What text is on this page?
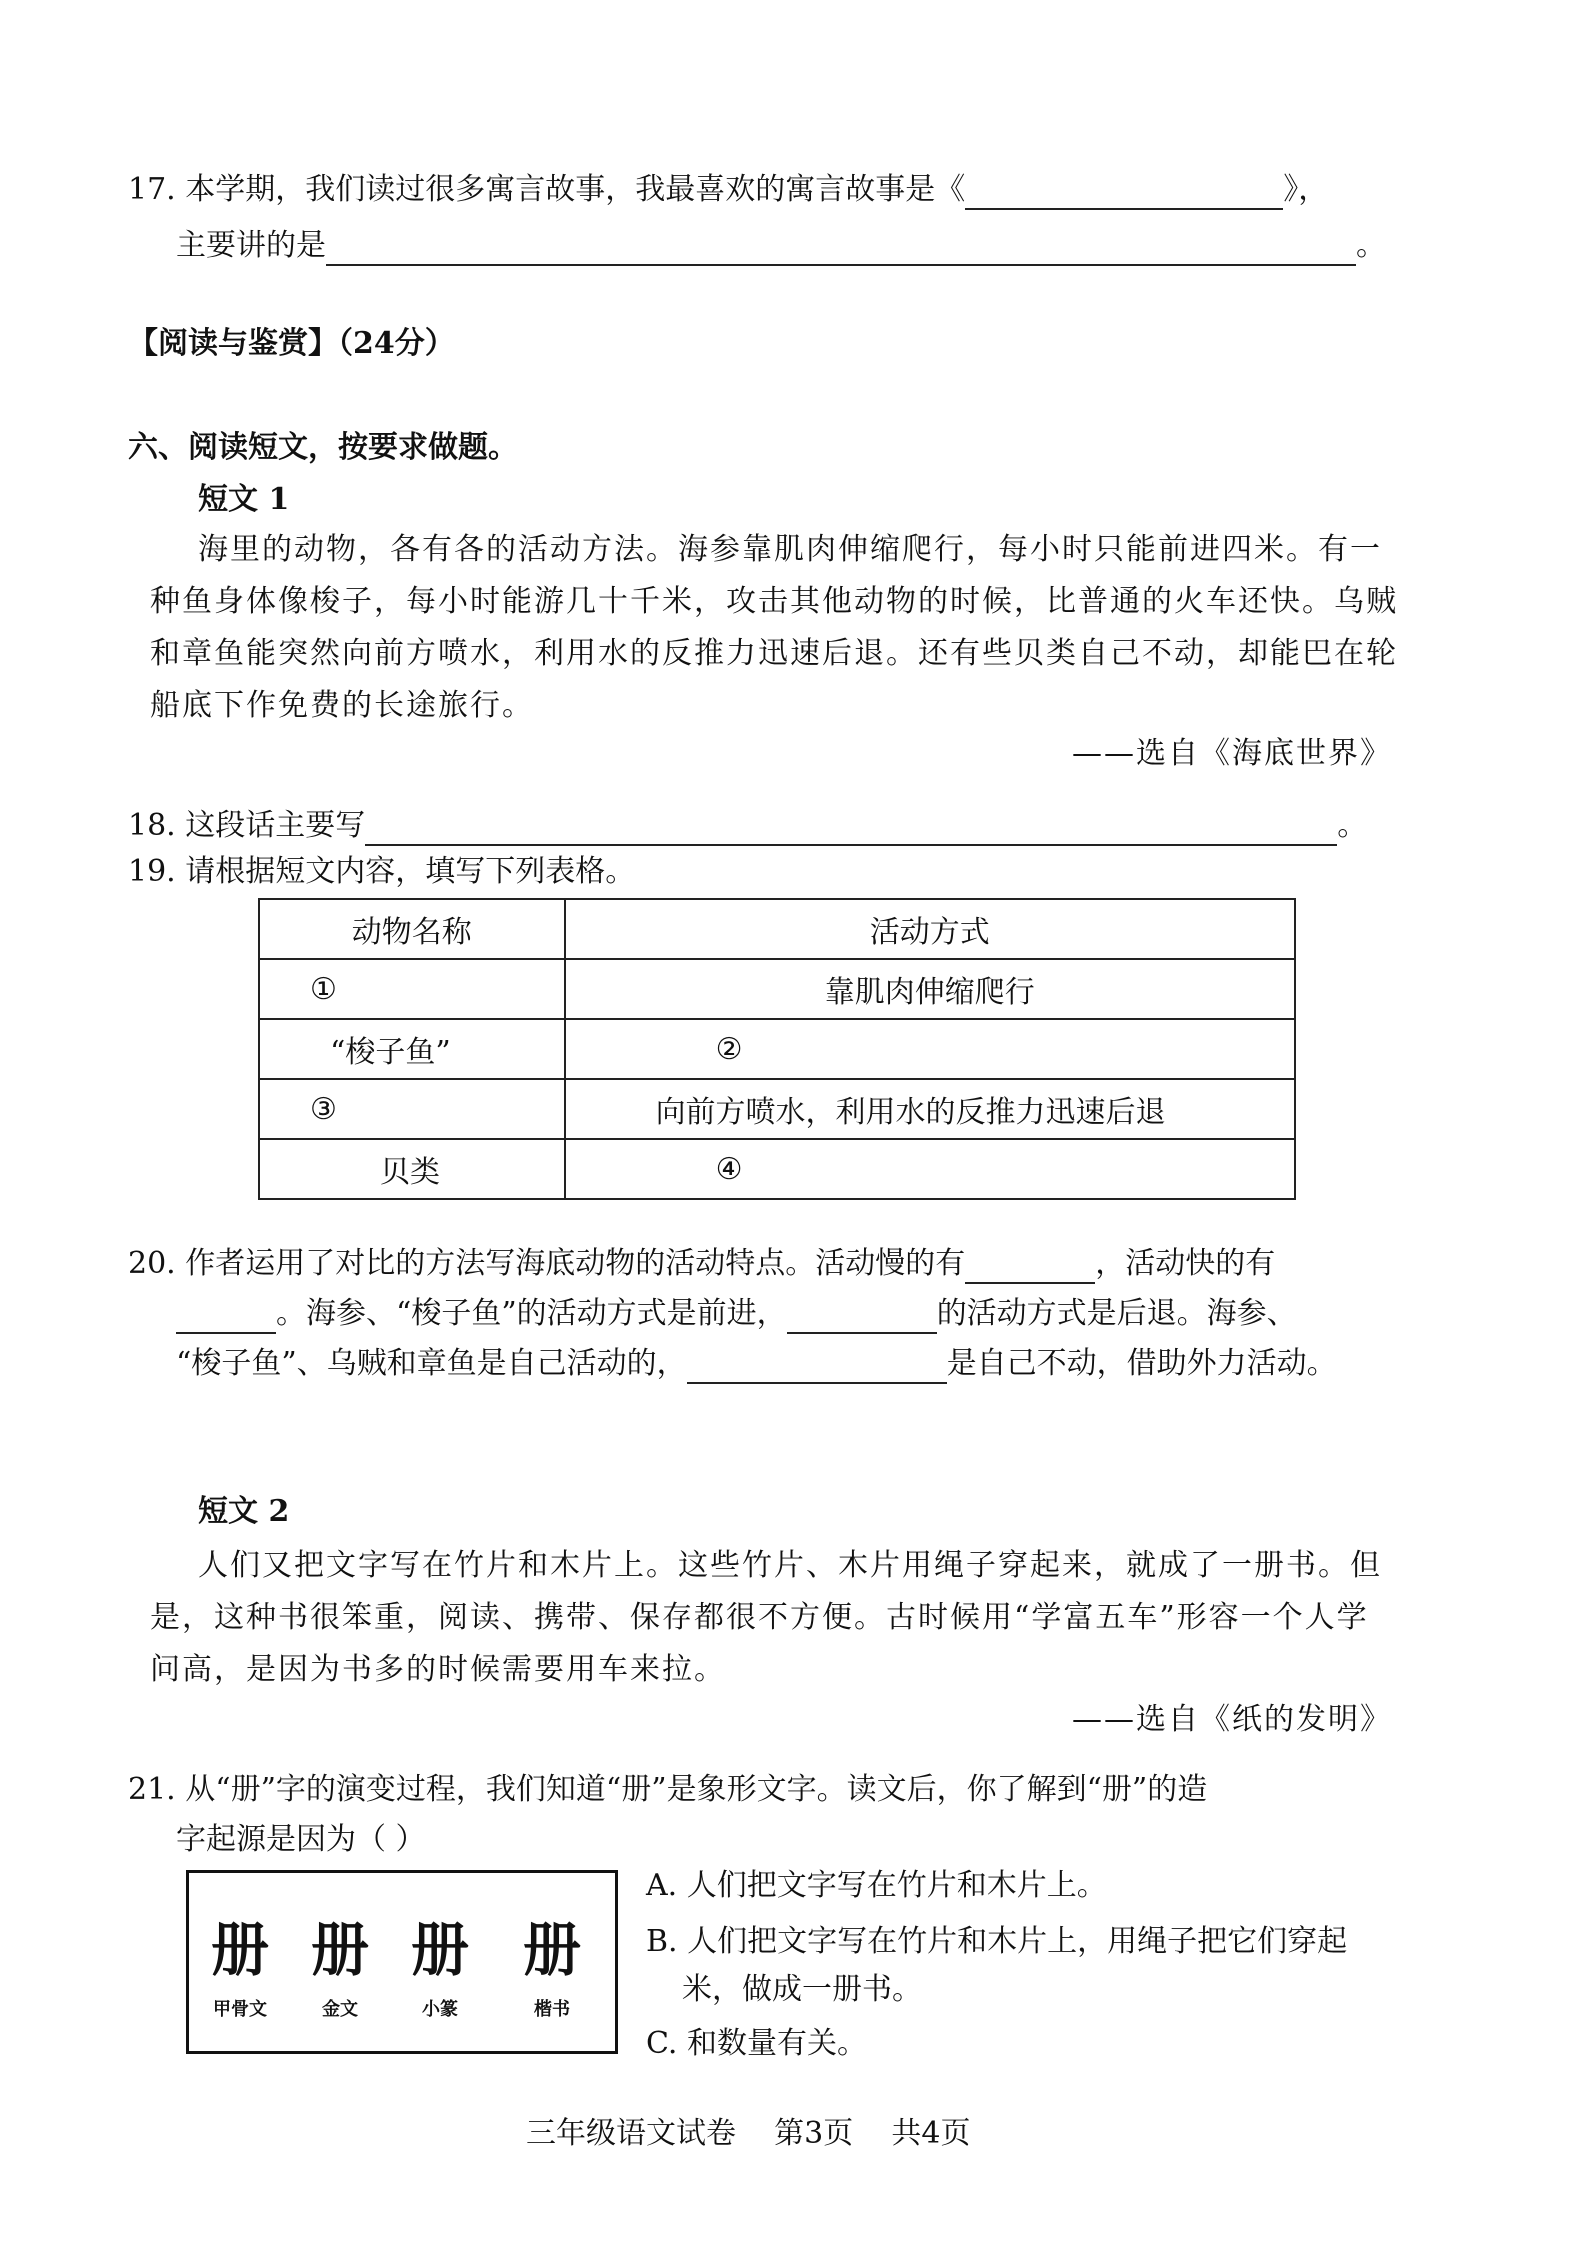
17. 本学期，我们读过很多寓言故事，我最喜欢的寓言故事是《	》，
主要讲的是	。
【阅读与鉴赏】（24分）
六、阅读短文，按要求做题。
短文 1
海里的动物，各有各的活动方法。海参靠肌肉伸缩爬行，每小时只能前进四米。有一
种鱼身体像梭子，每小时能游几十千米，攻击其他动物的时候，比普通的火车还快。乌贼
和章鱼能突然向前方喷水，利用水的反推力迅速后退。还有些贝类自己不动，却能巴在轮
船底下作免费的长途旅行。
——选自《海底世界》
18. 这段话主要写	。
19. 请根据短文内容，填写下列表格。
动物名称	活动方式
①	靠肌肉伸缩爬行
“梭子鱼”	②
③	向前方喷水，利用水的反推力迅速后退
贝类	④
20. 作者运用了对比的方法写海底动物的活动特点。活动慢的有	，活动快的有
。海参、“梭子鱼”的活动方式是前进，	的活动方式是后退。海参、
“梭子鱼”、乌贼和章鱼是自己活动的，	是自己不动，借助外力活动。
短文 2
人们又把文字写在竹片和木片上。这些竹片、木片用绳子穿起来，就成了一册书。但
是，这种书很笨重，阅读、携带、保存都很不方便。古时候用“学富五车”形容一个人学
问高，是因为书多的时候需要用车来拉。
——选自《纸的发明》
21. 从“册”字的演变过程，我们知道“册”是象形文字。读文后，你了解到“册”的造
字起源是因为（ ）
册 册 册 册
甲骨文	金文	小篆	楷书
A. 人们把文字写在竹片和木片上。
B. 人们把文字写在竹片和木片上，用绳子把它们穿起
米，做成一册书。
C. 和数量有关。
三年级语文试卷    第3页    共4页
